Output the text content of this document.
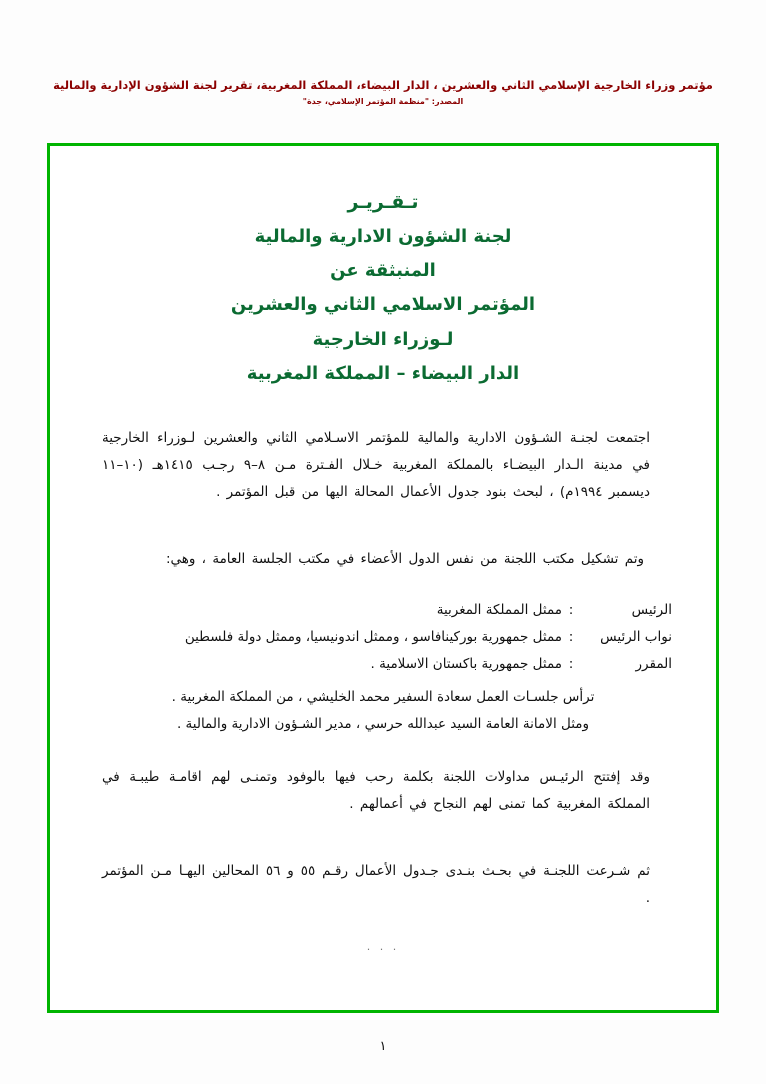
مؤتمر وزراء الخارجية الإسلامي الثاني والعشرين ، الدار البيضاء، المملكة المغربية، تقرير لجنة الشؤون الإدارية والمالية
المصدر: "منظمة المؤتمر الإسلامي، جدة"
تـقـريـر
لجنة الشؤون الادارية والمالية
المنبثقة عن
المؤتمر الاسلامي الثاني والعشرين
لـوزراء الخارجية
الدار البيضاء – المملكة المغربية

اجتمعت لجنـة الشـؤون الادارية والمالية للمؤتمر الاسـلامي الثاني والعشرين لـوزراء الخارجية في مدينة الـدار البيضـاء بالمملكة المغربية خـلال الفـترة مـن ٨–٩ رجـب ١٤١٥هـ (١٠–١١ ديسمبر ١٩٩٤م) ، لبحث بنود جدول الأعمال المحالة اليها من قبل المؤتمر .

وتم تشكيل مكتب اللجنة من نفس الدول الأعضاء في مكتب الجلسة العامة ، وهي:

الرئيس
:
ممثل المملكة المغربية
نواب الرئيس
:
ممثل جمهورية بوركينافاسو ، وممثل اندونيسيا، وممثل دولة فلسطين
المقرر
:
ممثل جمهورية باكستان الاسلامية .
ترأس جلسـات العمل سعادة السفير محمد الخليشي ، من المملكة المغربية .
ومثل الامانة العامة السيد عبدالله حرسي ، مدير الشـؤون الادارية والمالية .

وقد إفتتح الرئيـس مداولات اللجنة بكلمة رحب فيها بالوفود وتمنـى لهم اقامـة طيبـة في المملكة المغربية كما تمنى لهم النجاح في أعمالهم .

ثم شـرعت اللجنـة في بحـث بنـدى جـدول الأعمال رقـم ٥٥ و ٥٦ المحالين اليهـا مـن المؤتمر .

. . .
١
